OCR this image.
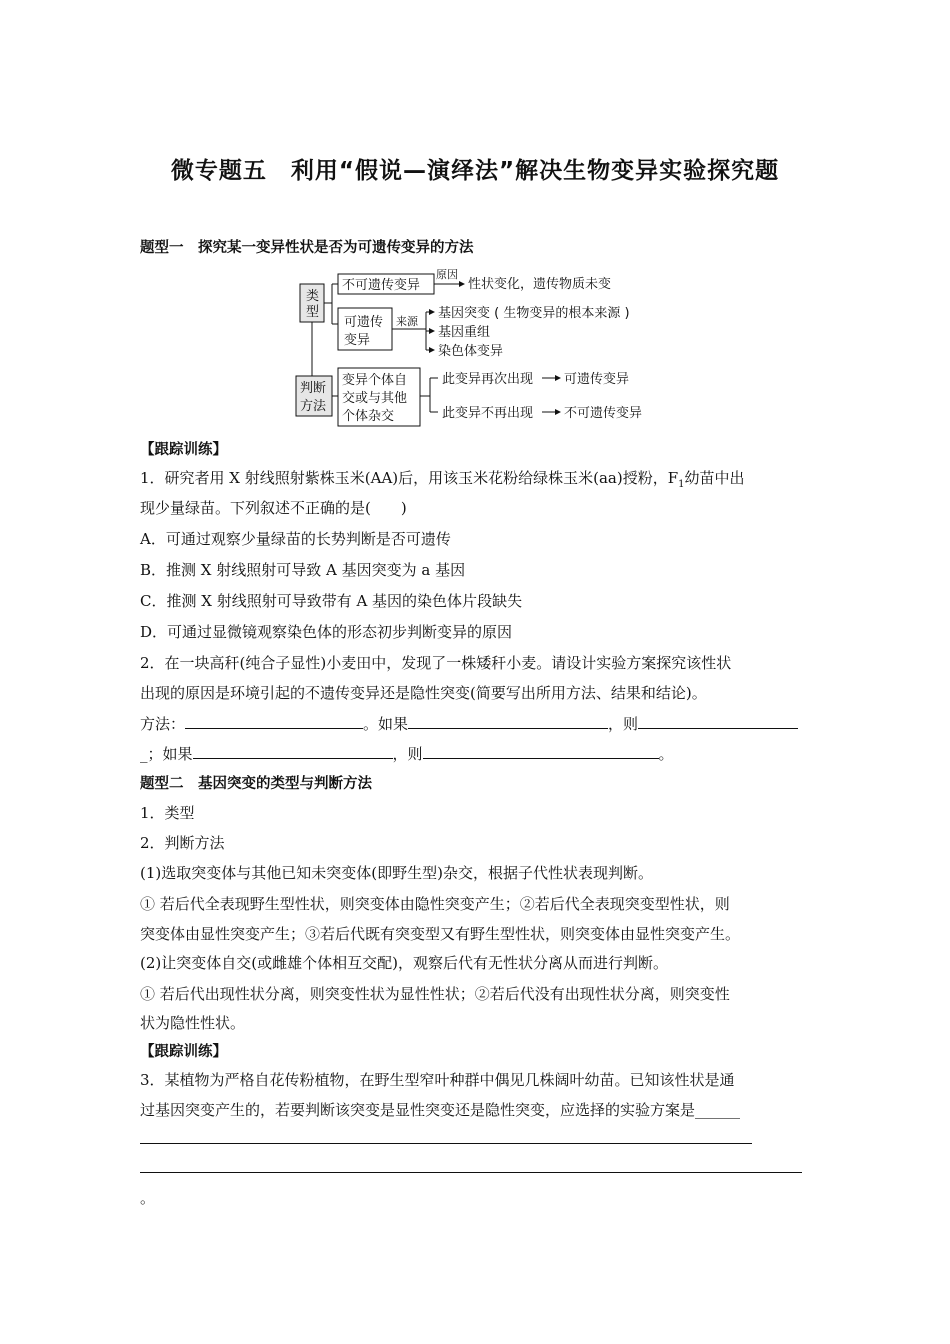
微专题五　利用“假说—演绎法”解决生物变异实验探究题
题型一　探究某一变异性状是否为可遗传变异的方法
类
型
不可遗传变异
原因
性状变化，遗传物质未变
可遗传
变异
来源
基因突变 ( 生物变异的根本来源 )
基因重组
染色体变异
判断
方法
变异个体自
交或与其他
个体杂交
此变异再次出现 可遗传变异
此变异不再出现 不可遗传变异
【跟踪训练】
1．研究者用 X 射线照射紫株玉米(AA)后，用该玉米花粉给绿株玉米(aa)授粉，$F_1$幼苗中出
现少量绿苗。下列叙述不正确的是(　　)
A．可通过观察少量绿苗的长势判断是否可遗传
B．推测 X 射线照射可导致 A 基因突变为 a 基因
C．推测 X 射线照射可导致带有 A 基因的染色体片段缺失
D．可通过显微镜观察染色体的形态初步判断变异的原因
2．在一块高秆(纯合子显性)小麦田中，发现了一株矮秆小麦。请设计实验方案探究该性状
出现的原因是环境引起的不遗传变异还是隐性突变(简要写出所用方法、结果和结论)。
方法：	。如果	，则
_；如果	，则	。
题型二　基因突变的类型与判断方法
1．类型
2．判断方法
(1)选取突变体与其他已知未突变体(即野生型)杂交，根据子代性状表现判断。
① 若后代全表现野生型性状，则突变体由隐性突变产生；②若后代全表现突变型性状，则
突变体由显性突变产生；③若后代既有突变型又有野生型性状，则突变体由显性突变产生。
(2)让突变体自交(或雌雄个体相互交配)，观察后代有无性状分离从而进行判断。
① 若后代出现性状分离，则突变性状为显性性状；②若后代没有出现性状分离，则突变性
状为隐性性状。
【跟踪训练】
3．某植物为严格自花传粉植物，在野生型窄叶种群中偶见几株阔叶幼苗。已知该性状是通
过基因突变产生的，若要判断该突变是显性突变还是隐性突变，应选择的实验方案是______
。
